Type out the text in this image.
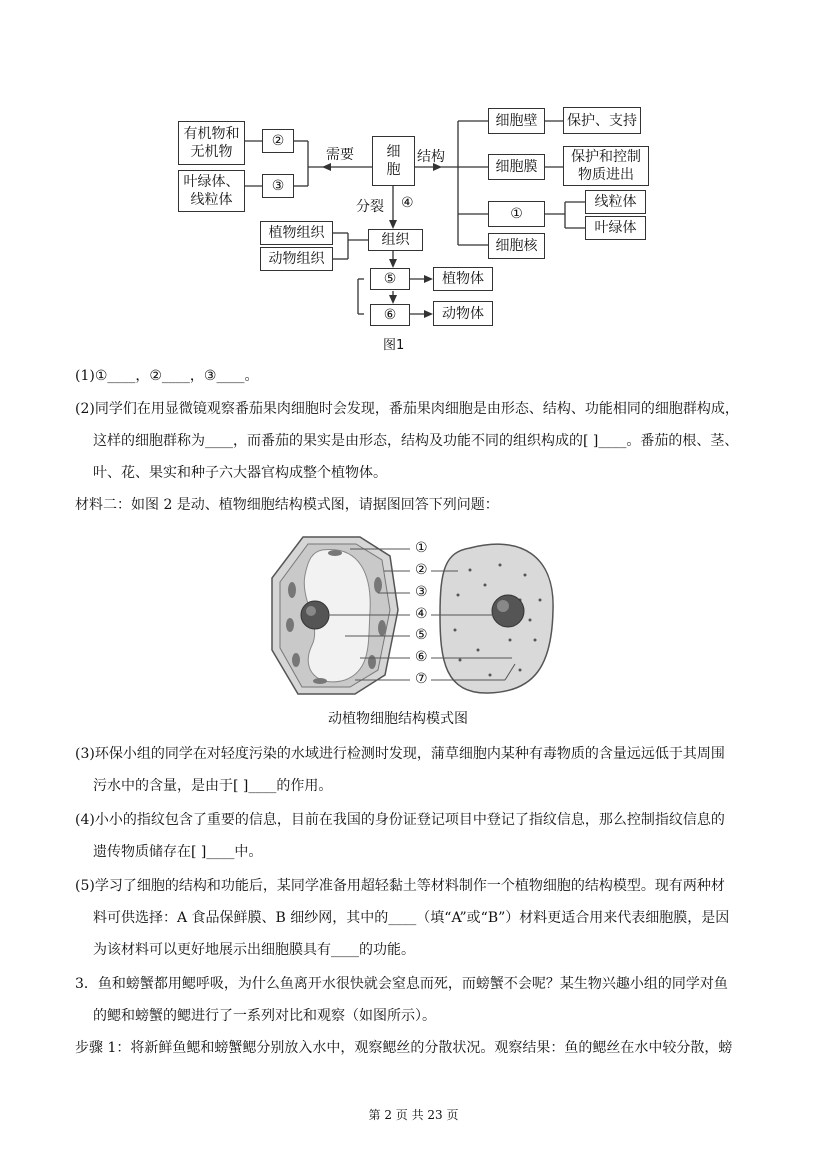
有机物和
无机物
②
叶绿体、
线粒体
③
需要	细
胞
结构
分裂 ④
细胞壁	保护、支持
细胞膜
保护和控制
物质进出
①
线粒体
叶绿体
细胞核
植物组织
动物组织
组织
⑤	植物体
⑥	动物体
图1
(1)①____，②____，③____。
(2)同学们在用显微镜观察番茄果肉细胞时会发现，番茄果肉细胞是由形态、结构、功能相同的细胞群构成，
这样的细胞群称为____，而番茄的果实是由形态，结构及功能不同的组织构成的[ ]____。番茄的根、茎、
叶、花、果实和种子六大器官构成整个植物体。
材料二：如图 2 是动、植物细胞结构模式图，请据图回答下列问题：
①
②
③
④
⑤
⑥
⑦
动植物细胞结构模式图
(3)环保小组的同学在对轻度污染的水域进行检测时发现，蒲草细胞内某种有毒物质的含量远远低于其周围
污水中的含量，是由于[ ]____的作用。
(4)小小的指纹包含了重要的信息，目前在我国的身份证登记项目中登记了指纹信息，那么控制指纹信息的
遗传物质储存在[ ]____中。
(5)学习了细胞的结构和功能后，某同学准备用超轻黏土等材料制作一个植物细胞的结构模型。现有两种材
料可供选择：A 食品保鲜膜、B 细纱网，其中的____（填“A”或“B”）材料更适合用来代表细胞膜，是因
为该材料可以更好地展示出细胞膜具有____的功能。
3．鱼和螃蟹都用鳃呼吸，为什么鱼离开水很快就会窒息而死，而螃蟹不会呢？某生物兴趣小组的同学对鱼
的鳃和螃蟹的鳃进行了一系列对比和观察（如图所示）。
步骤 1：将新鲜鱼鳃和螃蟹鳃分别放入水中，观察鳃丝的分散状况。观察结果：鱼的鳃丝在水中较分散，螃
第 2 页 共 23 页
